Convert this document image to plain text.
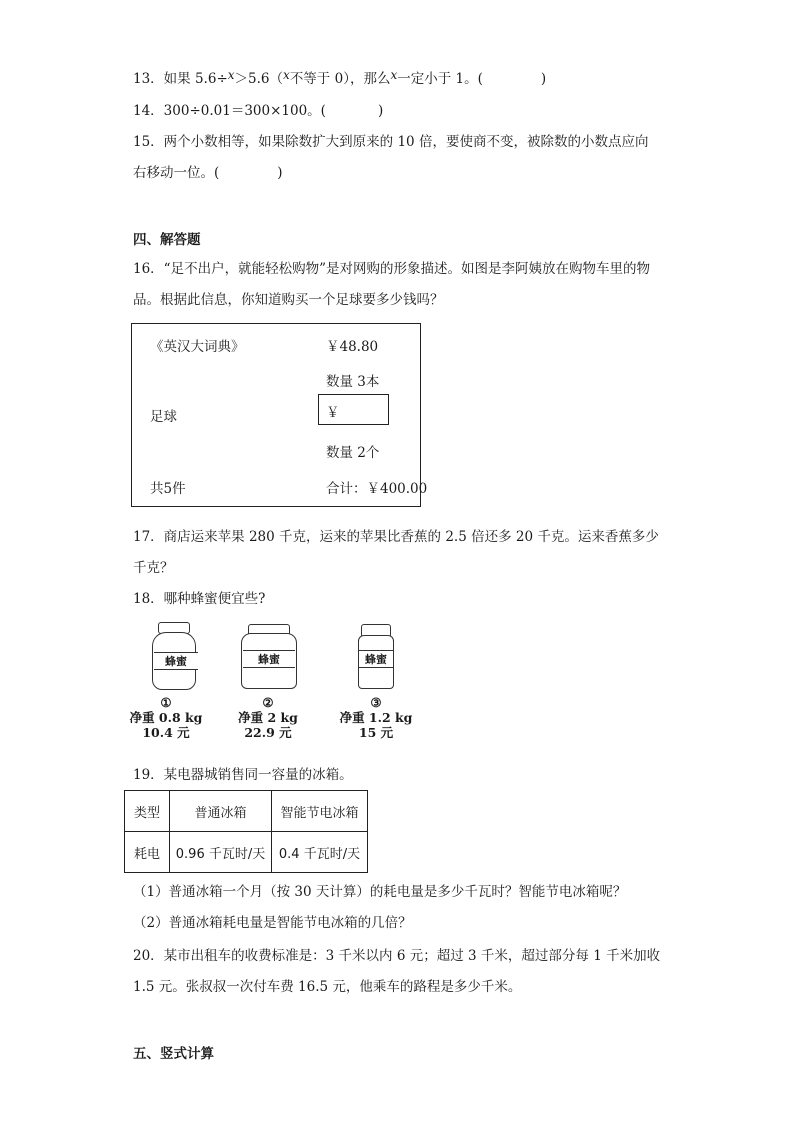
13．如果 5.6÷x＞5.6（x不等于 0），那么x一定小于 1。(	)
14．300÷0.01＝300×100。(	)
15．两个小数相等，如果除数扩大到原来的 10 倍，要使商不变，被除数的小数点应向
右移动一位。(	)
四、解答题
16．“足不出户，就能轻松购物”是对网购的形象描述。如图是李阿姨放在购物车里的物
品。根据此信息，你知道购买一个足球要多少钱吗？
《英汉大词典》	￥48.80
数量 3本
足球	￥
数量 2个
共5件	合计：￥400.00
17．商店运来苹果 280 千克，运来的苹果比香蕉的 2.5 倍还多 20 千克。运来香蕉多少
千克？
18．哪种蜂蜜便宜些?
蜂蜜	蜂蜜	蜂蜜
①
净重 0.8 kg
10.4 元
②
净重 2 kg
22.9 元
③
净重 1.2 kg
15 元
19．某电器城销售同一容量的冰箱。
类型	普通冰箱	智能节电冰箱
耗电	0.96 千瓦时/天	0.4 千瓦时/天
（1）普通冰箱一个月（按 30 天计算）的耗电量是多少千瓦时？智能节电冰箱呢？
（2）普通冰箱耗电量是智能节电冰箱的几倍？
20．某市出租车的收费标准是：3 千米以内 6 元；超过 3 千米，超过部分每 1 千米加收
1.5 元。张叔叔一次付车费 16.5 元，他乘车的路程是多少千米。
五、竖式计算
